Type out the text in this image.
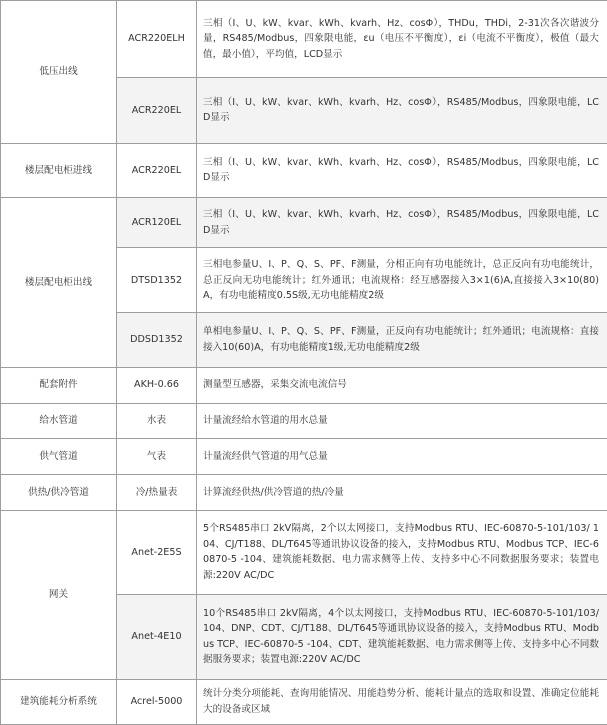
低压出线	ACR220ELH	三相（I、U、kW、kvar、kWh、kvarh、Hz、cosΦ），THDu，THDi，2-31次各次谐波分量，RS485/Modbus，四象限电能，εu（电压不平衡度），εi（电流不平衡度），极值（最大值，最小值），平均值，LCD显示
	ACR220EL	三相（I、U、kW、kvar、kWh、kvarh、Hz、cosΦ），RS485/Modbus，四象限电能，LCD显示
楼层配电柜进线	ACR220EL	三相（I、U、kW、kvar、kWh、kvarh、Hz、cosΦ），RS485/Modbus，四象限电能，LCD显示
楼层配电柜出线	ACR120EL	三相（I、U、kW、kvar、kWh、kvarh、Hz、cosΦ），RS485/Modbus，四象限电能，LCD显示
	DTSD1352	三相电参量U、I、P、Q、S、PF、F测量，分相正向有功电能统计，总正反向有功电能统计，总正反向无功电能统计；红外通讯；电流规格：经互感器接入3×1(6)A,直接接入3×10(80)A，有功电能精度0.5S级,无功电能精度2级
	DDSD1352	单相电参量U、I、P、Q、S、PF、F测量，正反向有功电能统计；红外通讯；电流规格：直接接入10(60)A，有功电能精度1级,无功电能精度2级
配套附件	AKH-0.66	测量型互感器，采集交流电流信号
给水管道	水表	计量流经给水管道的用水总量
供气管道	气表	计量流经供气管道的用气总量
供热/供冷管道	冷/热量表	计算流经供热/供冷管道的热/冷量
网关	Anet-2E5S	5个RS485串口 2kV隔离，2个以太网接口，支持Modbus RTU、IEC-60870-5-101/103/ 104、CJ/T188、DL/T645等通讯协议设备的接入，支持Modbus RTU、Modbus TCP、IEC-60870-5 -104、建筑能耗数据、电力需求侧等上传、支持多中心不同数据服务要求；装置电源:220V AC/DC
	Anet-4E10	10个RS485串口 2kV隔离，4个以太网接口，支持Modbus RTU、IEC-60870-5-101/103/ 104、DNP、CDT、CJ/T188、DL/T645等通讯协议设备的接入，支持Modbus RTU、Modbus TCP、IEC-60870-5 -104、CDT、建筑能耗数据、电力需求侧等上传、支持多中心不同数据服务要求；装置电源:220V AC/DC
建筑能耗分析系统	Acrel-5000	统计分类分项能耗、查询用能情况、用能趋势分析、能耗计量点的选取和设置、准确定位能耗大的设备或区域
